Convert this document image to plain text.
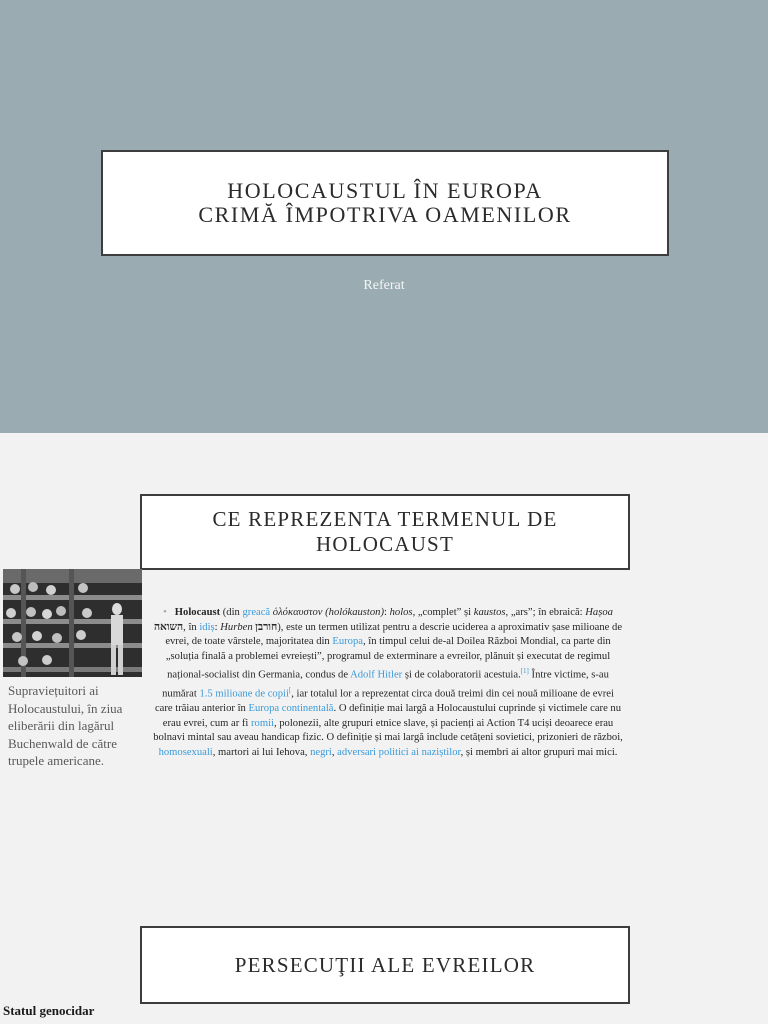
HOLOCAUSTUL ÎN EUROPA
CRIMĂ ÎMPOTRIVA OAMENILOR
Referat
CE REPREZENTA TERMENUL DE
HOLOCAUST
Supraviețuitori ai Holocaustului, în ziua eliberării din lagărul Buchenwald de către trupele americane.
• Holocaust (din greacă ὁλόκαυστον (holókauston): holos, „complet” și kaustos, „ars”; în ebraică: Hașoa השואה, în idiș: Hurben חורבן), este un termen utilizat pentru a descrie uciderea a aproximativ șase milioane de evrei, de toate vârstele, majoritatea din Europa, în timpul celui de-al Doilea Război Mondial, ca parte din „soluția finală a problemei evreiești”, programul de exterminare a evreilor, plănuit și executat de regimul național-socialist din Germania, condus de Adolf Hitler și de colaboratorii acestuia.[1] Între victime, s-au numărat 1.5 milioane de copii[, iar totalul lor a reprezentat circa două treimi din cei nouă milioane de evrei care trăiau anterior în Europa continentală. O definiție mai largă a Holocaustului cuprinde și victimele care nu erau evrei, cum ar fi romii, polonezii, alte grupuri etnice slave, și pacienți ai Action T4 uciși deoarece erau bolnavi mintal sau aveau handicap fizic. O definiție și mai largă include cetățeni sovietici, prizonieri de război, homosexuali, martori ai lui Iehova, negri, adversari politici ai naziștilor, și membri ai altor grupuri mai mici.
PERSECUŢII ALE EVREILOR
Statul genocidar
